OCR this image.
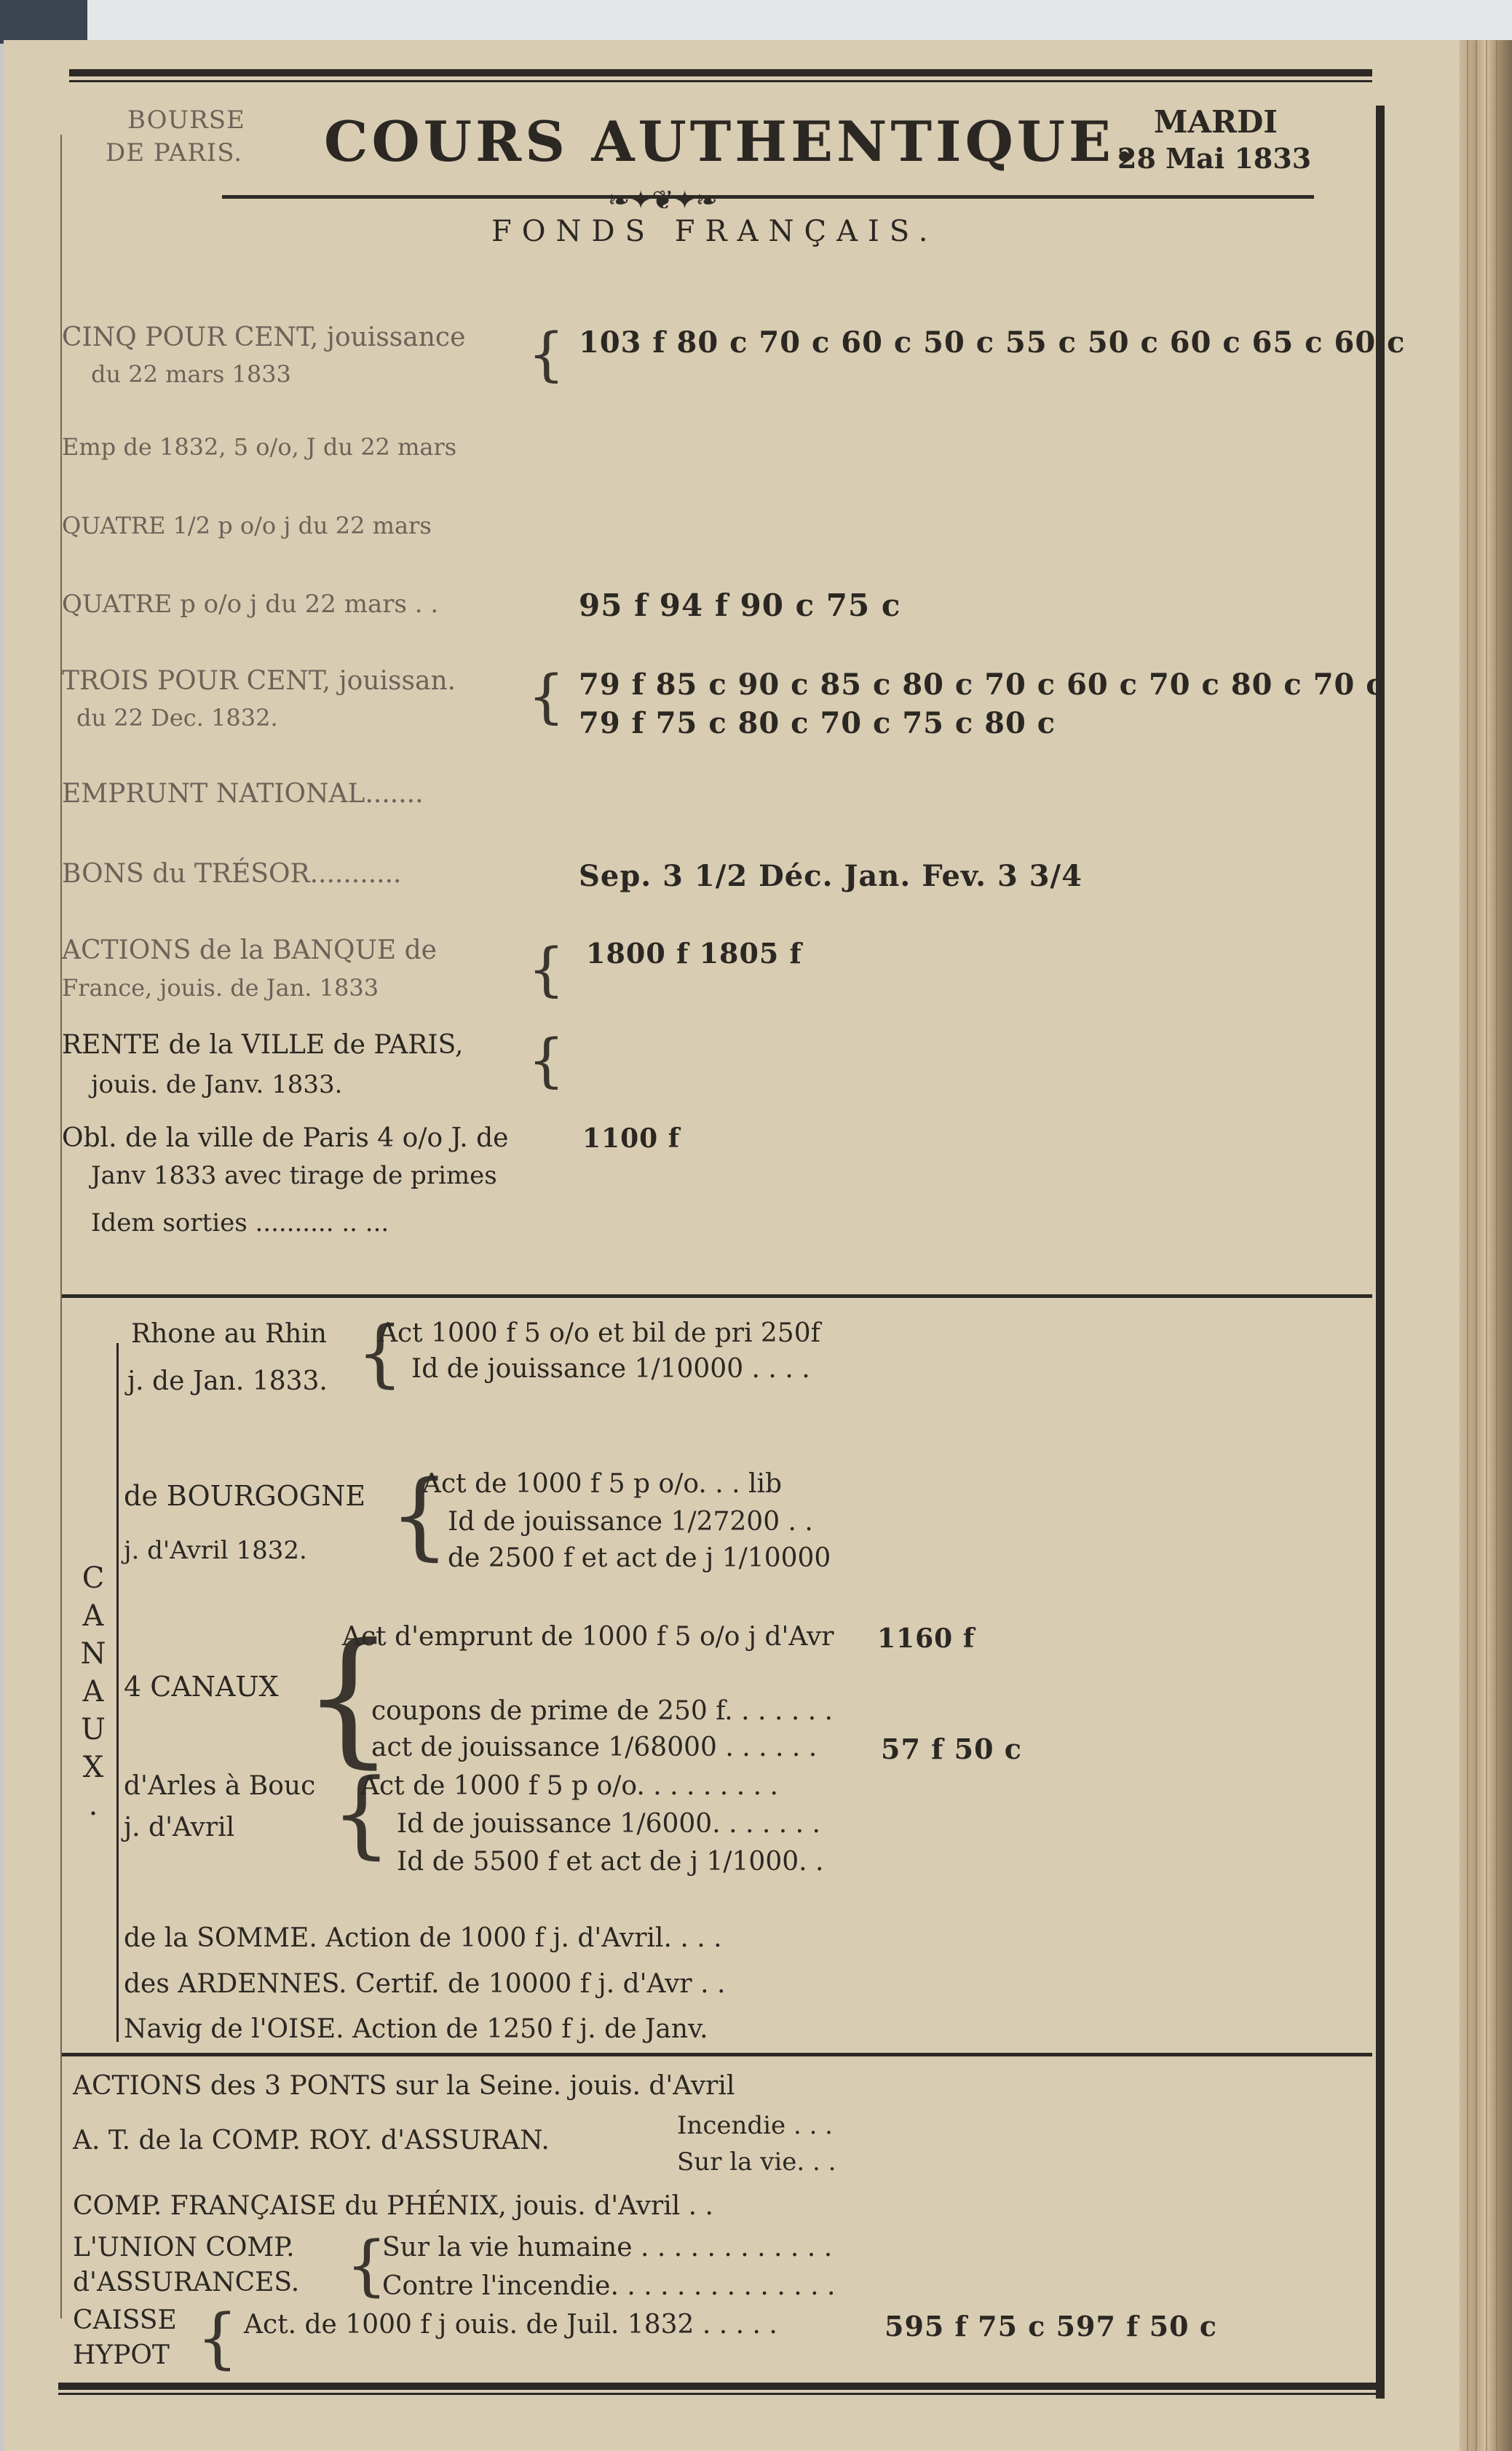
BOURSE
DE PARIS. COURS AUTHENTIQUE. MARDI
28 Mai 1833
❧✦❦✦❧
FONDS FRANÇAIS.
CINQ POUR CENT, jouissance
du 22 mars 1833	{ 103 f 80 c 70 c 60 c 50 c 55 c 50 c 60 c 65 c 60 c
Emp de 1832, 5 o/o, J du 22 mars
QUATRE 1/2 p o/o j du 22 mars
QUATRE p o/o j du 22 mars . .	95 f 94 f 90 c 75 c
TROIS POUR CENT, jouissan.
du 22 Dec. 1832.	{ 79 f 85 c 90 c 85 c 80 c 70 c 60 c 70 c 80 c 70 c
79 f 75 c 80 c 70 c 75 c 80 c
EMPRUNT NATIONAL.......
BONS du TRÉSOR...........	Sep. 3 1/2 Déc. Jan. Fev. 3 3/4
ACTIONS de la BANQUE de
France, jouis. de Jan. 1833	{ 1800 f 1805 f
RENTE de la VILLE de PARIS,
jouis. de Janv. 1833.	{
Obl. de la ville de Paris 4 o/o J. de
Janv 1833 avec tirage de primes
1100 f
Idem sorties .......... .. ...
CANAUX.
Rhone au Rhin
j. de Jan. 1833. {
Act 1000 f 5 o/o et bil de pri 250f
Id de jouissance 1/10000 . . . .
de BOURGOGNE
j. d'Avril 1832. {
Act de 1000 f 5 p o/o. . . lib
Id de jouissance 1/27200 . .
de 2500 f et act de j 1/10000
{
4 CANAUX
Act d'emprunt de 1000 f 5 o/o j d'Avr 1160 f
coupons de prime de 250 f. . . . . . .
act de jouissance 1/68000 . . . . . . 57 f 50 c
d'Arles à Bouc
j. d'Avril {
Act de 1000 f 5 p o/o. . . . . . . . .
Id de jouissance 1/6000. . . . . . .
Id de 5500 f et act de j 1/1000. .
de la SOMME. Action de 1000 f j. d'Avril. . . .
des ARDENNES. Certif. de 10000 f j. d'Avr . .
Navig de l'OISE. Action de 1250 f j. de Janv.
ACTIONS des 3 PONTS sur la Seine. jouis. d'Avril
A. T. de la COMP. ROY. d'ASSURAN.	Incendie . . .
Sur la vie. . .
COMP. FRANÇAISE du PHÉNIX, jouis. d'Avril . .
L'UNION COMP.
d'ASSURANCES. {
Sur la vie humaine . . . . . . . . . . . .
Contre l'incendie. . . . . . . . . . . . . .
CAISSE
HYPOT { Act. de 1000 f j ouis. de Juil. 1832 . . . . .	595 f 75 c 597 f 50 c
